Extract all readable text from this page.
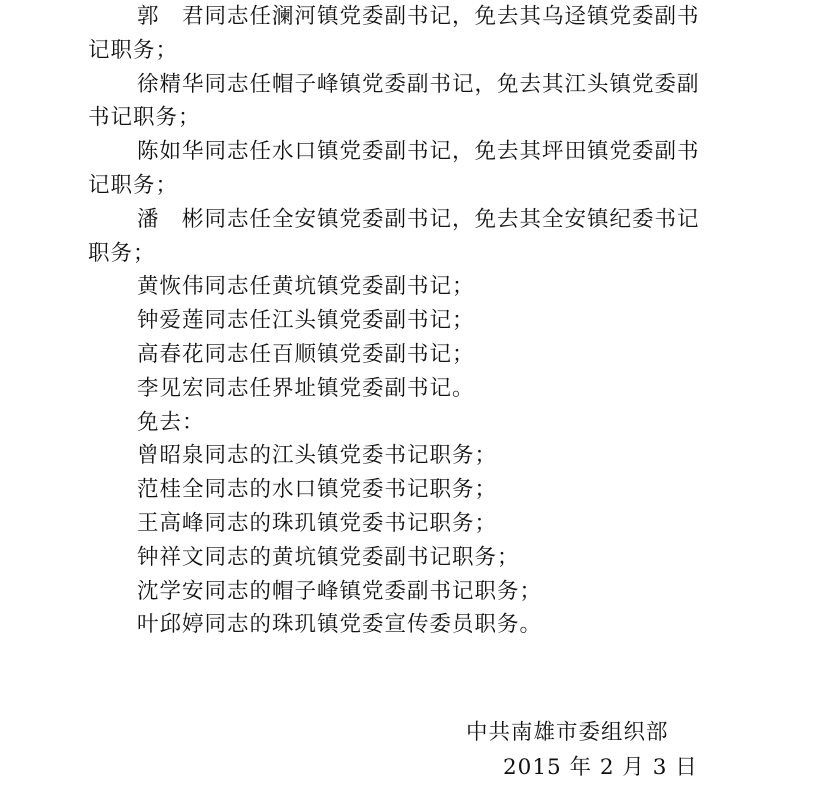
郭　君同志任澜河镇党委副书记，免去其乌迳镇党委副书
记职务；
徐精华同志任帽子峰镇党委副书记，免去其江头镇党委副
书记职务；
陈如华同志任水口镇党委副书记，免去其坪田镇党委副书
记职务；
潘　彬同志任全安镇党委副书记，免去其全安镇纪委书记
职务；
黄恢伟同志任黄坑镇党委副书记；
钟爱莲同志任江头镇党委副书记；
高春花同志任百顺镇党委副书记；
李见宏同志任界址镇党委副书记。
免去：
曾昭泉同志的江头镇党委书记职务；
范桂全同志的水口镇党委书记职务；
王高峰同志的珠玑镇党委书记职务；
钟祥文同志的黄坑镇党委副书记职务；
沈学安同志的帽子峰镇党委副书记职务；
叶邱婷同志的珠玑镇党委宣传委员职务。
中共南雄市委组织部
2015 年 2 月 3 日
